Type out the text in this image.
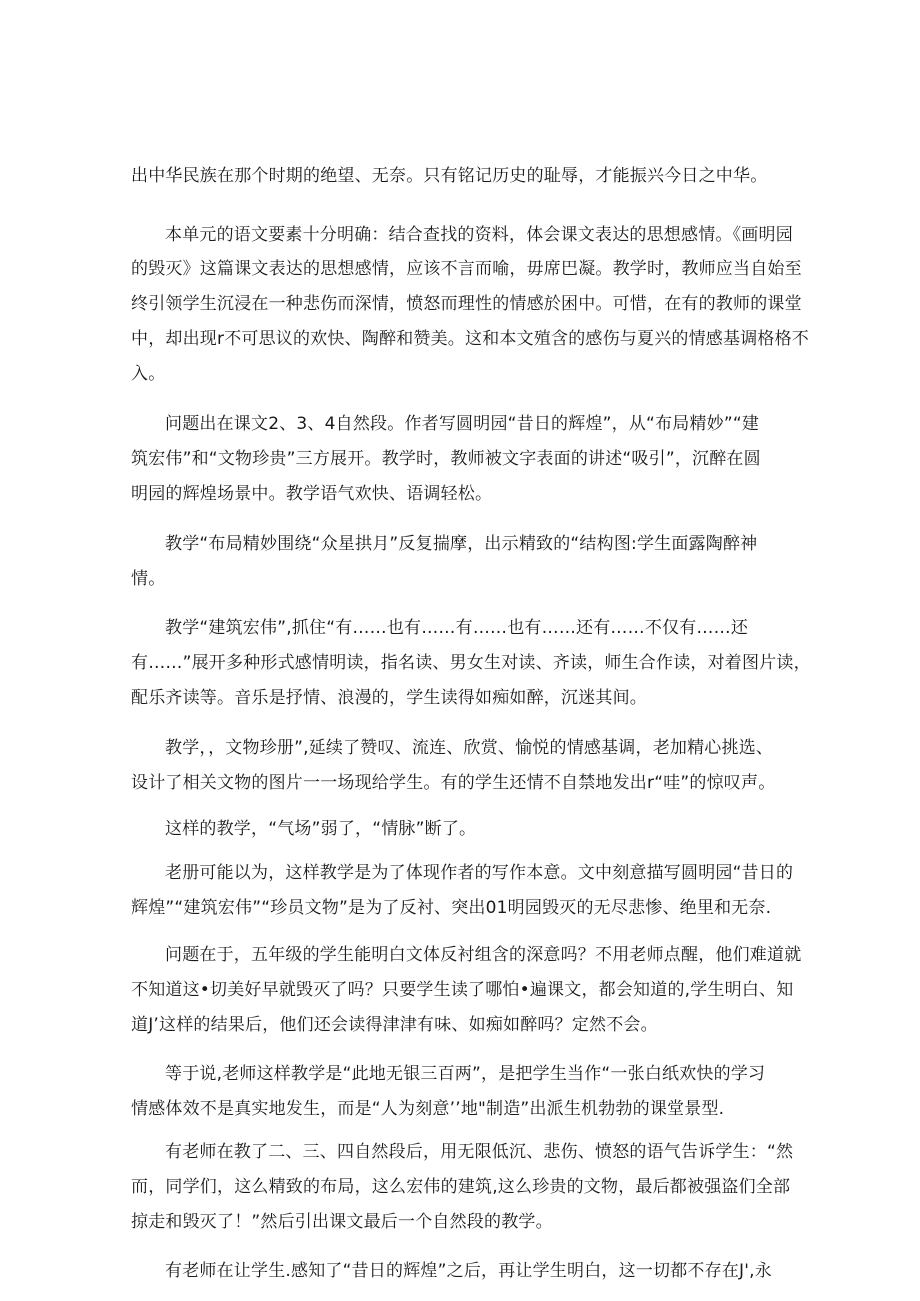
出中华民族在那个时期的绝望、无奈。只有铭记历史的耻辱，才能振兴今日之中华。
本单元的语文要素十分明确：结合查找的资料，体会课文表达的思想感情。《画明园
的毁灭》这篇课文表达的思想感情，应该不言而喻，毋席巴凝。教学时，教师应当自始至
终引领学生沉浸在一种悲伤而深情，愤怒而理性的情感於困中。可惜，在有的教师的课堂
中，却出现r不可思议的欢快、陶醉和赞美。这和本文殖含的感伤与夏兴的情感基调格格不
入。
问题出在课文2、3、4自然段。作者写圆明园“昔日的辉煌”，从“布局精妙”“建
筑宏伟”和“文物珍贵”三方展开。教学时，教师被文字表面的讲述“吸引”，沉醉在圆
明园的辉煌场景中。教学语气欢快、语调轻松。
教学“布局精妙围绕“众星拱月”反复揣摩，出示精致的“结构图:学生面露陶醉神
情。
教学“建筑宏伟”,抓住“有……也有……有……也有……还有……不仅有……还
有……”展开多种形式感情明读，指名读、男女生对读、齐读，师生合作读，对着图片读，
配乐齐读等。音乐是抒情、浪漫的，学生读得如痴如醉，沉迷其间。
教学，，文物珍册”,延续了赞叹、流连、欣赏、愉悦的情感基调，老加精心挑选、
设计了相关文物的图片一一场现给学生。有的学生还情不自禁地发出r“哇”的惊叹声。
这样的教学，“气场”弱了，“情脉”断了。
老册可能以为，这样教学是为了体现作者的写作本意。文中刻意描写圆明园“昔日的
辉煌”“建筑宏伟”“珍员文物”是为了反衬、突出01明园毁灭的无尽悲惨、绝里和无奈.
问题在于，五年级的学生能明白文体反衬组含的深意吗？不用老师点醒，他们难道就
不知道这•切美好早就毁灭了吗？只要学生读了哪怕•遍课文，都会知道的,学生明白、知
道J’这样的结果后，他们还会读得津津有味、如痴如醉吗？定然不会。
等于说,老师这样教学是“此地无银三百两”，是把学生当作“一张白纸欢快的学习
情感体效不是真实地发生，而是“人为刻意’’地"制造”出派生机勃勃的课堂景型.
有老师在教了二、三、四自然段后，用无限低沉、悲伤、愤怒的语气告诉学生：“然
而，同学们，这么精致的布局，这么宏伟的建筑,这么珍贵的文物，最后都被强盗们全部
掠走和毁灭了！”然后引出课文最后一个自然段的教学。
有老师在让学生.感知了“昔日的辉煌”之后，再让学生明白，这一切都不存在J',永
